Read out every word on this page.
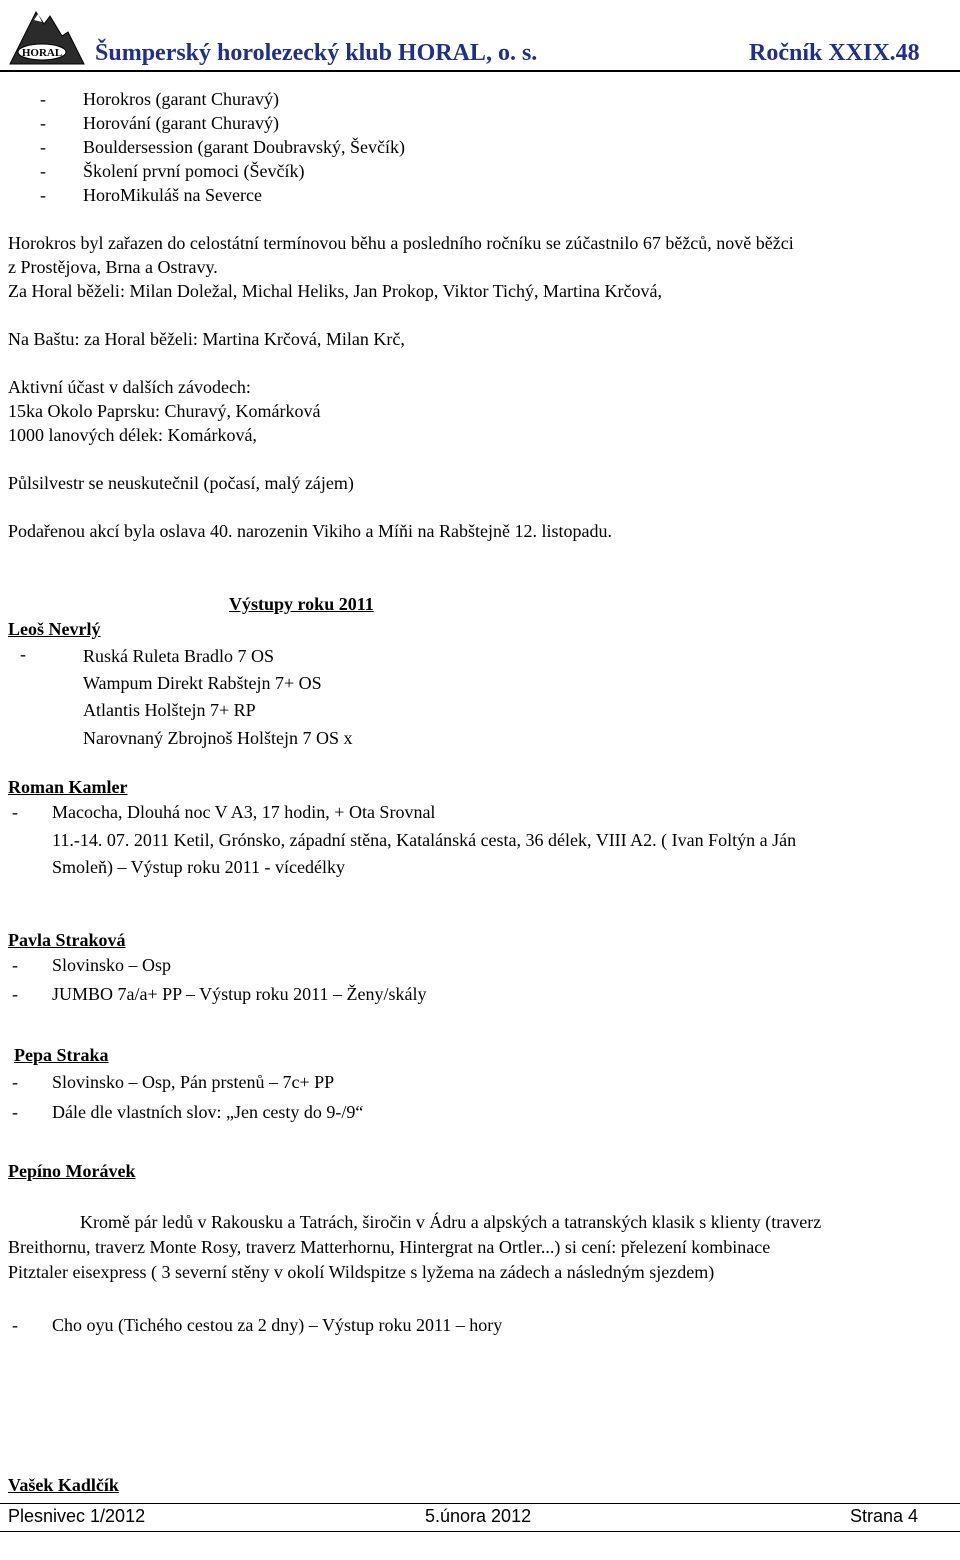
HORAL Šumperský horolezecký klub HORAL, o. s.	Ročník XXIX.48
- Horokros (garant Churavý)
- Horování (garant Churavý)
- Bouldersession (garant Doubravský, Ševčík)
- Školení první pomoci (Ševčík)
- HoroMikuláš na Severce
Horokros byl zařazen do celostátní termínovou běhu a posledního ročníku se zúčastnilo 67 běžců, nově běžci
z Prostějova, Brna a Ostravy.
Za Horal běželi: Milan Doležal, Michal Heliks, Jan Prokop, Viktor Tichý, Martina Krčová,
Na Baštu: za Horal běželi: Martina Krčová, Milan Krč,
Aktivní účast v dalších závodech:
15ka Okolo Paprsku: Churavý, Komárková
1000 lanových délek: Komárková,
Půlsilvestr se neuskutečnil (počasí, malý zájem)
Podařenou akcí byla oslava 40. narozenin Vikiho a Míňi na Rabštejně 12. listopadu.
Výstupy roku 2011
Leoš Nevrlý
-	Ruská Ruleta Bradlo 7 OS
Wampum Direkt Rabštejn 7+ OS
Atlantis Holštejn 7+ RP
Narovnaný Zbrojnoš Holštejn 7 OS x
Roman Kamler
- Macocha, Dlouhá noc V A3, 17 hodin, + Ota Srovnal
11.-14. 07. 2011 Ketil, Grónsko, západní stěna, Katalánská cesta, 36 délek, VIII A2. ( Ivan Foltýn a Ján
Smoleň) – Výstup roku 2011 - vícedélky
Pavla Straková
- Slovinsko – Osp
- JUMBO 7a/a+ PP – Výstup roku 2011 – Ženy/skály
Pepa Straka
- Slovinsko – Osp, Pán prstenů – 7c+ PP
- Dále dle vlastních slov: „Jen cesty do 9-/9“
Pepíno Morávek
Kromě pár ledů v Rakousku a Tatrách, širočin v Ádru a alpských a tatranských klasik s klienty (traverz
Breithornu, traverz Monte Rosy, traverz Matterhornu, Hintergrat na Ortler...) si cení: přelezení kombinace
Pitztaler eisexpress ( 3 severní stěny v okolí Wildspitze s lyžema na zádech a následným sjezdem)
- Cho oyu (Tichého cestou za 2 dny) – Výstup roku 2011 – hory
Vašek Kadlčík
Plesnivec 1/2012	5.února 2012	Strana 4
